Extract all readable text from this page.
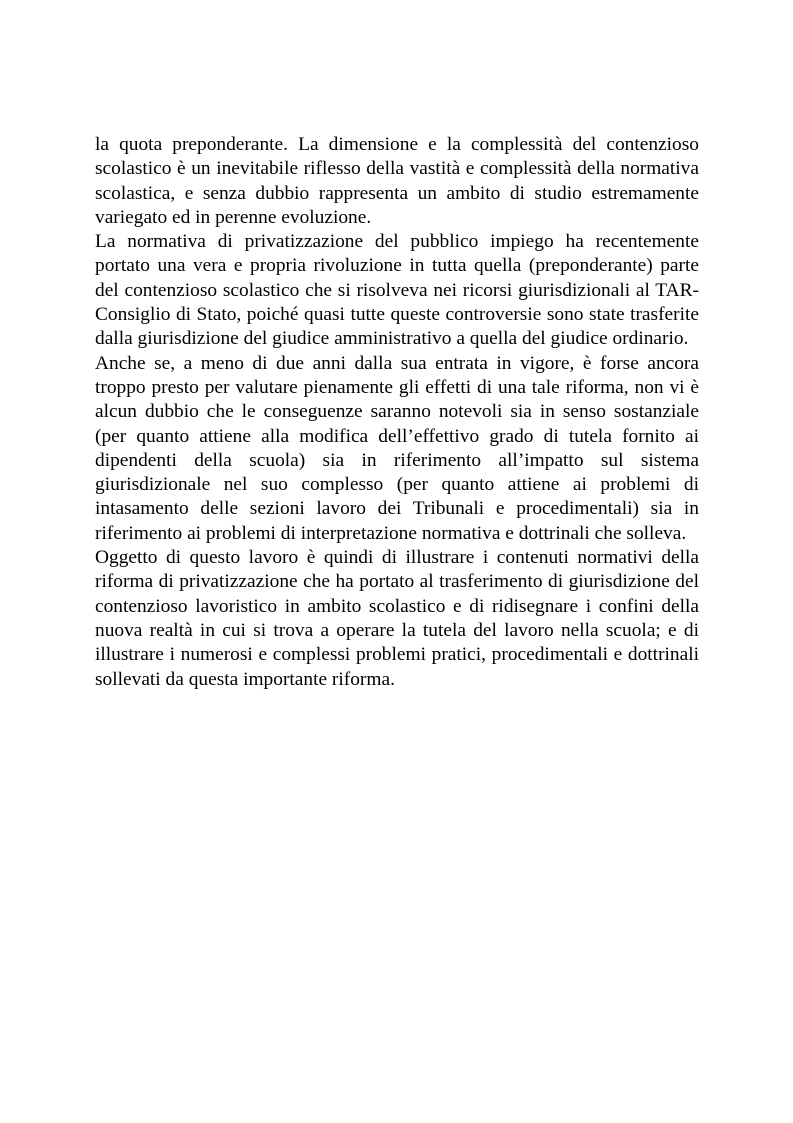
la quota preponderante. La dimensione e la complessità del contenzioso scolastico è un inevitabile riflesso della vastità e complessità della normativa scolastica, e senza dubbio rappresenta un ambito di studio estremamente variegato ed in perenne evoluzione.

La normativa di privatizzazione del pubblico impiego ha recentemente portato una vera e propria rivoluzione in tutta quella (preponderante) parte del contenzioso scolastico che si risolveva nei ricorsi giurisdizionali al TAR-Consiglio di Stato, poiché quasi tutte queste controversie sono state trasferite dalla giurisdizione del giudice amministrativo a quella del giudice ordinario.

Anche se, a meno di due anni dalla sua entrata in vigore, è forse ancora troppo presto per valutare pienamente gli effetti di una tale riforma, non vi è alcun dubbio che le conseguenze saranno notevoli sia in senso sostanziale (per quanto attiene alla modifica dell’effettivo grado di tutela fornito ai dipendenti della scuola) sia in riferimento all’impatto sul sistema giurisdizionale nel suo complesso (per quanto attiene ai problemi di intasamento delle sezioni lavoro dei Tribunali e procedimentali) sia in riferimento ai problemi di interpretazione normativa e dottrinali che solleva.

Oggetto di questo lavoro è quindi di illustrare i contenuti normativi della riforma di privatizzazione che ha portato al trasferimento di giurisdizione del contenzioso lavoristico in ambito scolastico e di ridisegnare i confini della nuova realtà in cui si trova a operare la tutela del lavoro nella scuola; e di illustrare i numerosi e complessi problemi pratici, procedimentali e dottrinali sollevati da questa importante riforma.
